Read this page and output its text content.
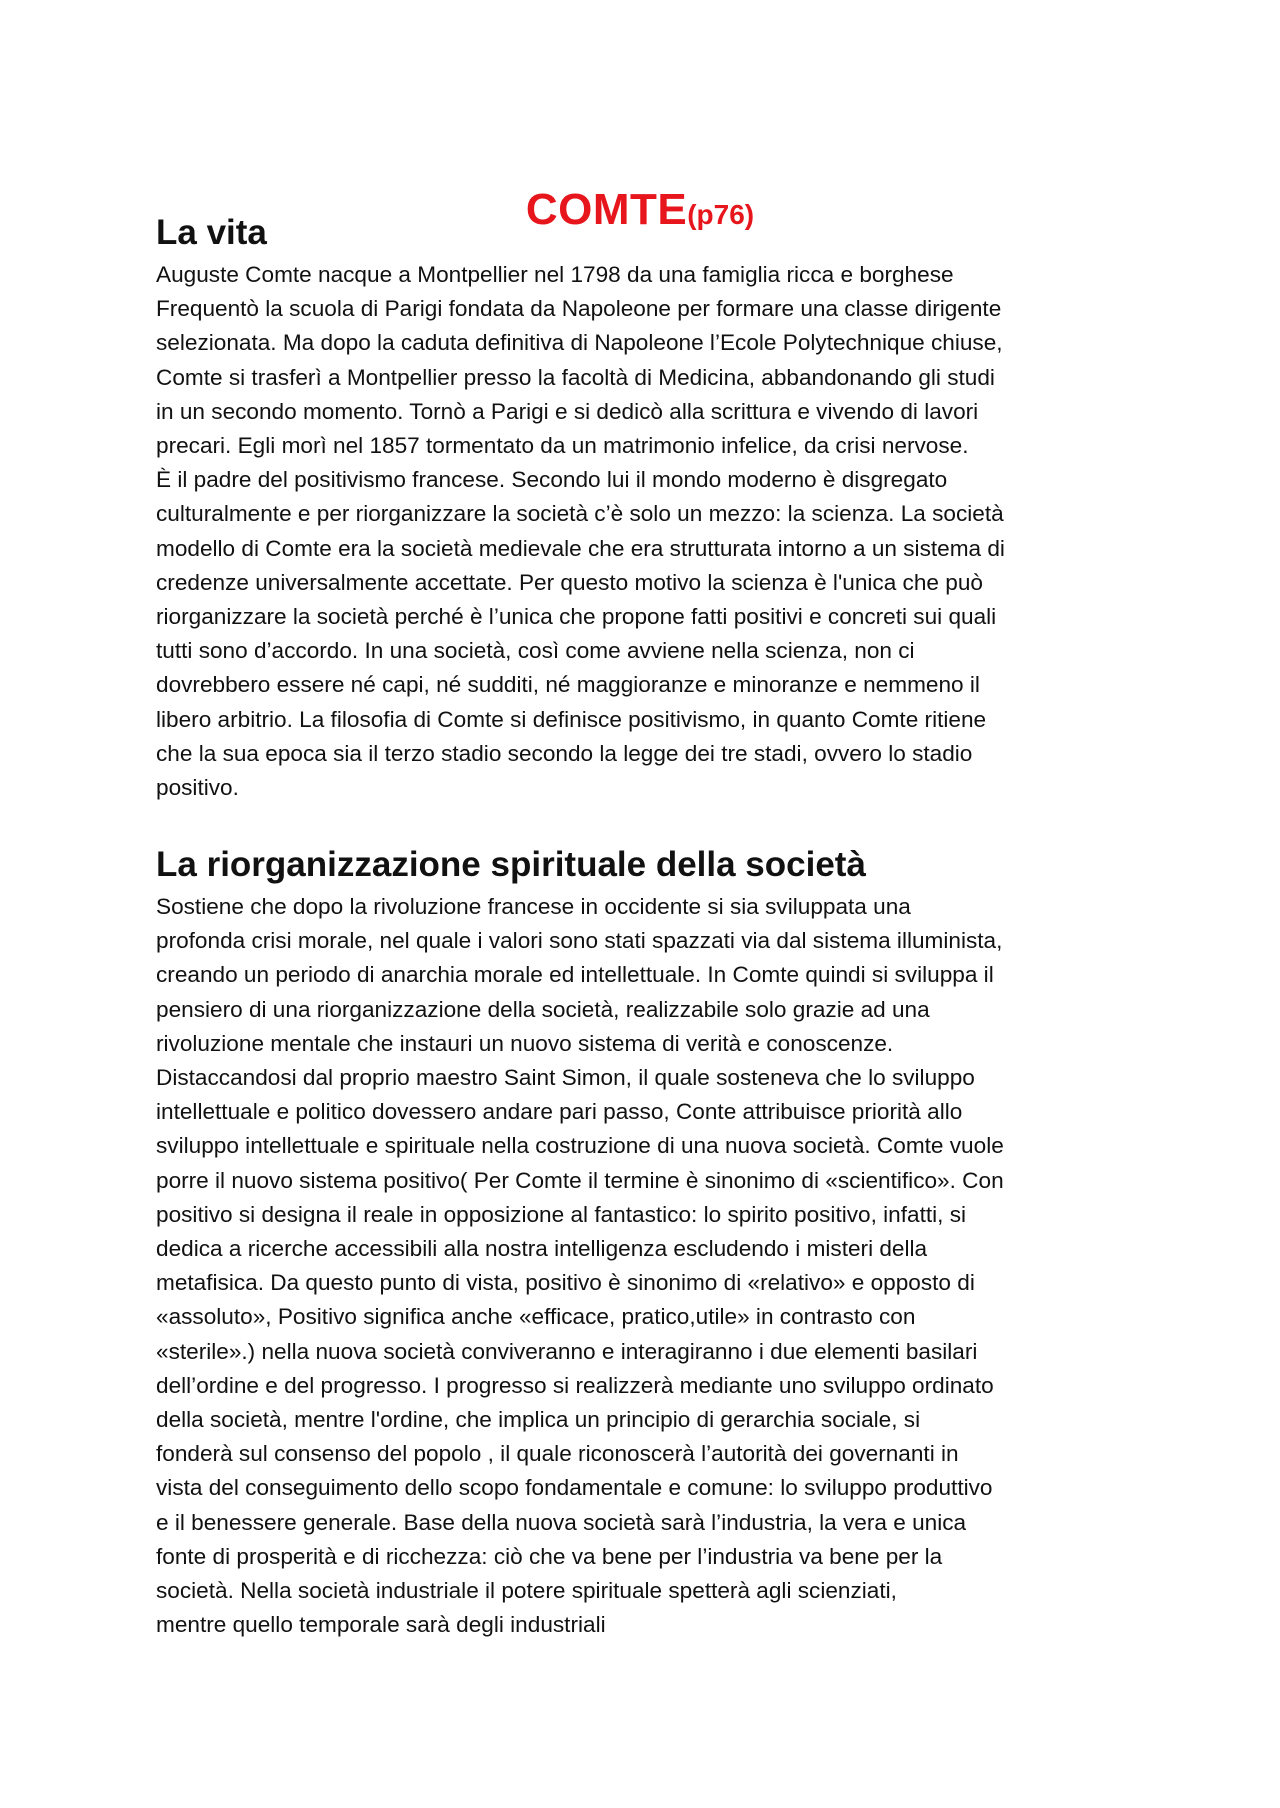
COMTE(p76)
La vita

Auguste Comte nacque a Montpellier nel 1798 da una famiglia ricca e borghese
Frequentò la scuola di Parigi fondata da Napoleone per formare una classe dirigente
selezionata. Ma dopo la caduta definitiva di Napoleone l’Ecole Polytechnique chiuse,
Comte si trasferì a Montpellier presso la facoltà di Medicina, abbandonando gli studi
in un secondo momento. Tornò a Parigi e si dedicò alla scrittura e vivendo di lavori
precari. Egli morì nel 1857 tormentato da un matrimonio infelice, da crisi nervose.
È il padre del positivismo francese. Secondo lui il mondo moderno è disgregato
culturalmente e per riorganizzare la società c’è solo un mezzo: la scienza. La società
modello di Comte era la società medievale che era strutturata intorno a un sistema di
credenze universalmente accettate. Per questo motivo la scienza è l'unica che può
riorganizzare la società perché è l’unica che propone fatti positivi e concreti sui quali
tutti sono d’accordo. In una società, così come avviene nella scienza, non ci
dovrebbero essere né capi, né sudditi, né maggioranze e minoranze e nemmeno il
libero arbitrio. La filosofia di Comte si definisce positivismo, in quanto Comte ritiene
che la sua epoca sia il terzo stadio secondo la legge dei tre stadi, ovvero lo stadio
positivo.

La riorganizzazione spirituale della società

Sostiene che dopo la rivoluzione francese in occidente si sia sviluppata una
profonda crisi morale, nel quale i valori sono stati spazzati via dal sistema illuminista,
creando un periodo di anarchia morale ed intellettuale. In Comte quindi si sviluppa il
pensiero di una riorganizzazione della società, realizzabile solo grazie ad una
rivoluzione mentale che instauri un nuovo sistema di verità e conoscenze.
Distaccandosi dal proprio maestro Saint Simon, il quale sosteneva che lo sviluppo
intellettuale e politico dovessero andare pari passo, Conte attribuisce priorità allo
sviluppo intellettuale e spirituale nella costruzione di una nuova società. Comte vuole
porre il nuovo sistema positivo( Per Comte il termine è sinonimo di «scientifico». Con
positivo si designa il reale in opposizione al fantastico: lo spirito positivo, infatti, si
dedica a ricerche accessibili alla nostra intelligenza escludendo i misteri della
metafisica. Da questo punto di vista, positivo è sinonimo di «relativo» e opposto di
«assoluto», Positivo significa anche «efficace, pratico,utile» in contrasto con
«sterile».) nella nuova società conviveranno e interagiranno i due elementi basilari
dell’ordine e del progresso. I progresso si realizzerà mediante uno sviluppo ordinato
della società, mentre l'ordine, che implica un principio di gerarchia sociale, si
fonderà sul consenso del popolo , il quale riconoscerà l’autorità dei governanti in
vista del conseguimento dello scopo fondamentale e comune: lo sviluppo produttivo
e il benessere generale. Base della nuova società sarà l’industria, la vera e unica
fonte di prosperità e di ricchezza: ciò che va bene per l’industria va bene per la
società. Nella società industriale il potere spirituale spetterà agli scienziati,
mentre quello temporale sarà degli industriali
